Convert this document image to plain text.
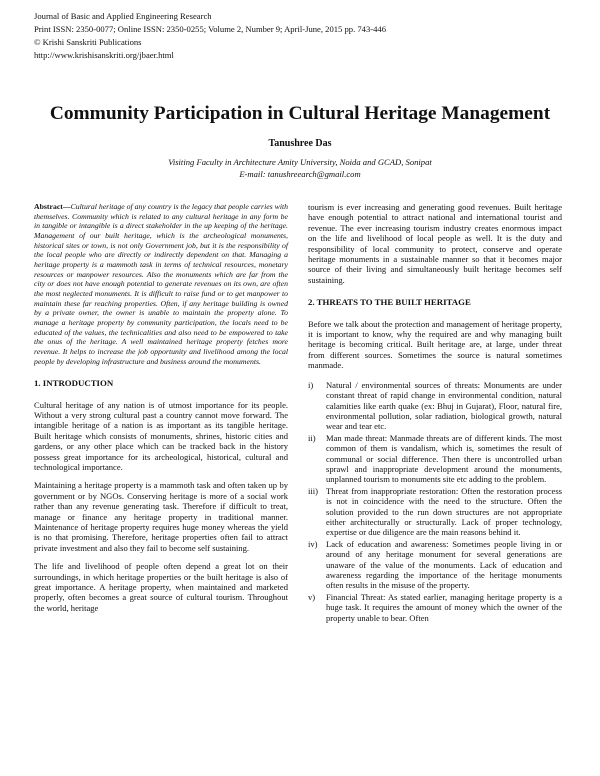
Journal of Basic and Applied Engineering Research
Print ISSN: 2350-0077; Online ISSN: 2350-0255; Volume 2, Number 9; April-June, 2015 pp. 743-446
© Krishi Sanskriti Publications
http://www.krishisanskriti.org/jbaer.html
Community Participation in Cultural Heritage Management
Tanushree Das
Visiting Faculty in Architecture Amity University, Noida and GCAD, Sonipat
E-mail: tanushreearch@gmail.com

Abstract—Cultural heritage of any country is the legacy that people carries with themselves. Community which is related to any cultural heritage in any form be in tangible or intangible is a direct stakeholder in the up keeping of the heritage. Management of our built heritage, which is the archeological monuments, historical sites or town, is not only Government job, but it is the responsibility of the local people who are directly or indirectly dependent on that. Managing a heritage property is a mammoth task in terms of technical resources, monetary resources or manpower resources. Also the monuments which are far from the city or does not have enough potential to generate revenues on its own, are often the most neglected monuments. It is difficult to raise fund or to get manpower to maintain these far reaching properties. Often, if any heritage building is owned by a private owner, the owner is unable to maintain the property alone. To manage a heritage property by community participation, the locals need to be educated of the values, the technicalities and also need to be empowered to take the onus of the heritage. A well maintained heritage property fetches more revenue. It helps to increase the job opportunity and livelihood among the local people by developing infrastructure and business around the monuments.

1. INTRODUCTION

Cultural heritage of any nation is of utmost importance for its people. Without a very strong cultural past a country cannot move forward. The intangible heritage of a nation is as important as its tangible heritage. Built heritage which consists of monuments, shrines, historic cities and gardens, or any other place which can be tracked back in the history possess great importance for its archeological, historical, cultural and technological importance.

Maintaining a heritage property is a mammoth task and often taken up by government or by NGOs. Conserving heritage is more of a social work rather than any revenue generating task. Therefore if difficult to treat, manage or finance any heritage property in traditional manner. Maintenance of heritage property requires huge money whereas the yield is no that promising. Therefore, heritage properties often fail to attract private investment and also they fail to become self sustaining.

The life and livelihood of people often depend a great lot on their surroundings, in which heritage properties or the built heritage is also of great importance. A heritage property, when maintained and marketed properly, often becomes a great source of cultural tourism. Throughout the world, heritage

tourism is ever increasing and generating good revenues. Built heritage have enough potential to attract national and international tourist and revenue. The ever increasing tourism industry creates enormous impact on the life and livelihood of local people as well. It is the duty and responsibility of local community to protect, conserve and operate heritage monuments in a sustainable manner so that it becomes major source of their living and simultaneously built heritage becomes self sustaining.

2. THREATS TO THE BUILT HERITAGE

Before we talk about the protection and management of heritage property, it is important to know, why the required are and why managing built heritage is becoming critical. Built heritage are, at large, under threat from different sources. Sometimes the source is natural sometimes manmade.

i)	Natural / environmental sources of threats: Monuments are under constant threat of rapid change in environmental condition, natural calamities like earth quake (ex: Bhuj in Gujarat), Floor, natural fire, environmental pollution, solar radiation, biological growth, natural wear and tear etc.
ii)	Man made threat: Manmade threats are of different kinds. The most common of them is vandalism, which is, sometimes the result of communal or social difference. Then there is uncontrolled urban sprawl and inappropriate development around the monuments, unplanned tourism to monuments site etc adding to the problem.
iii) Threat from inappropriate restoration: Often the restoration process is not in coincidence with the need to the structure. Often the solution provided to the run down structures are not appropriate either architecturally or structurally. Lack of proper technology, expertise or due diligence are the main reasons behind it.
iv) Lack of education and awareness: Sometimes people living in or around of any heritage monument for several generations are unaware of the value of the monuments. Lack of education and awareness regarding the importance of the heritage monuments often results in the misuse of the property.
v)	Financial Threat: As stated earlier, managing heritage property is a huge task. It requires the amount of money which the owner of the property unable to bear. Often
